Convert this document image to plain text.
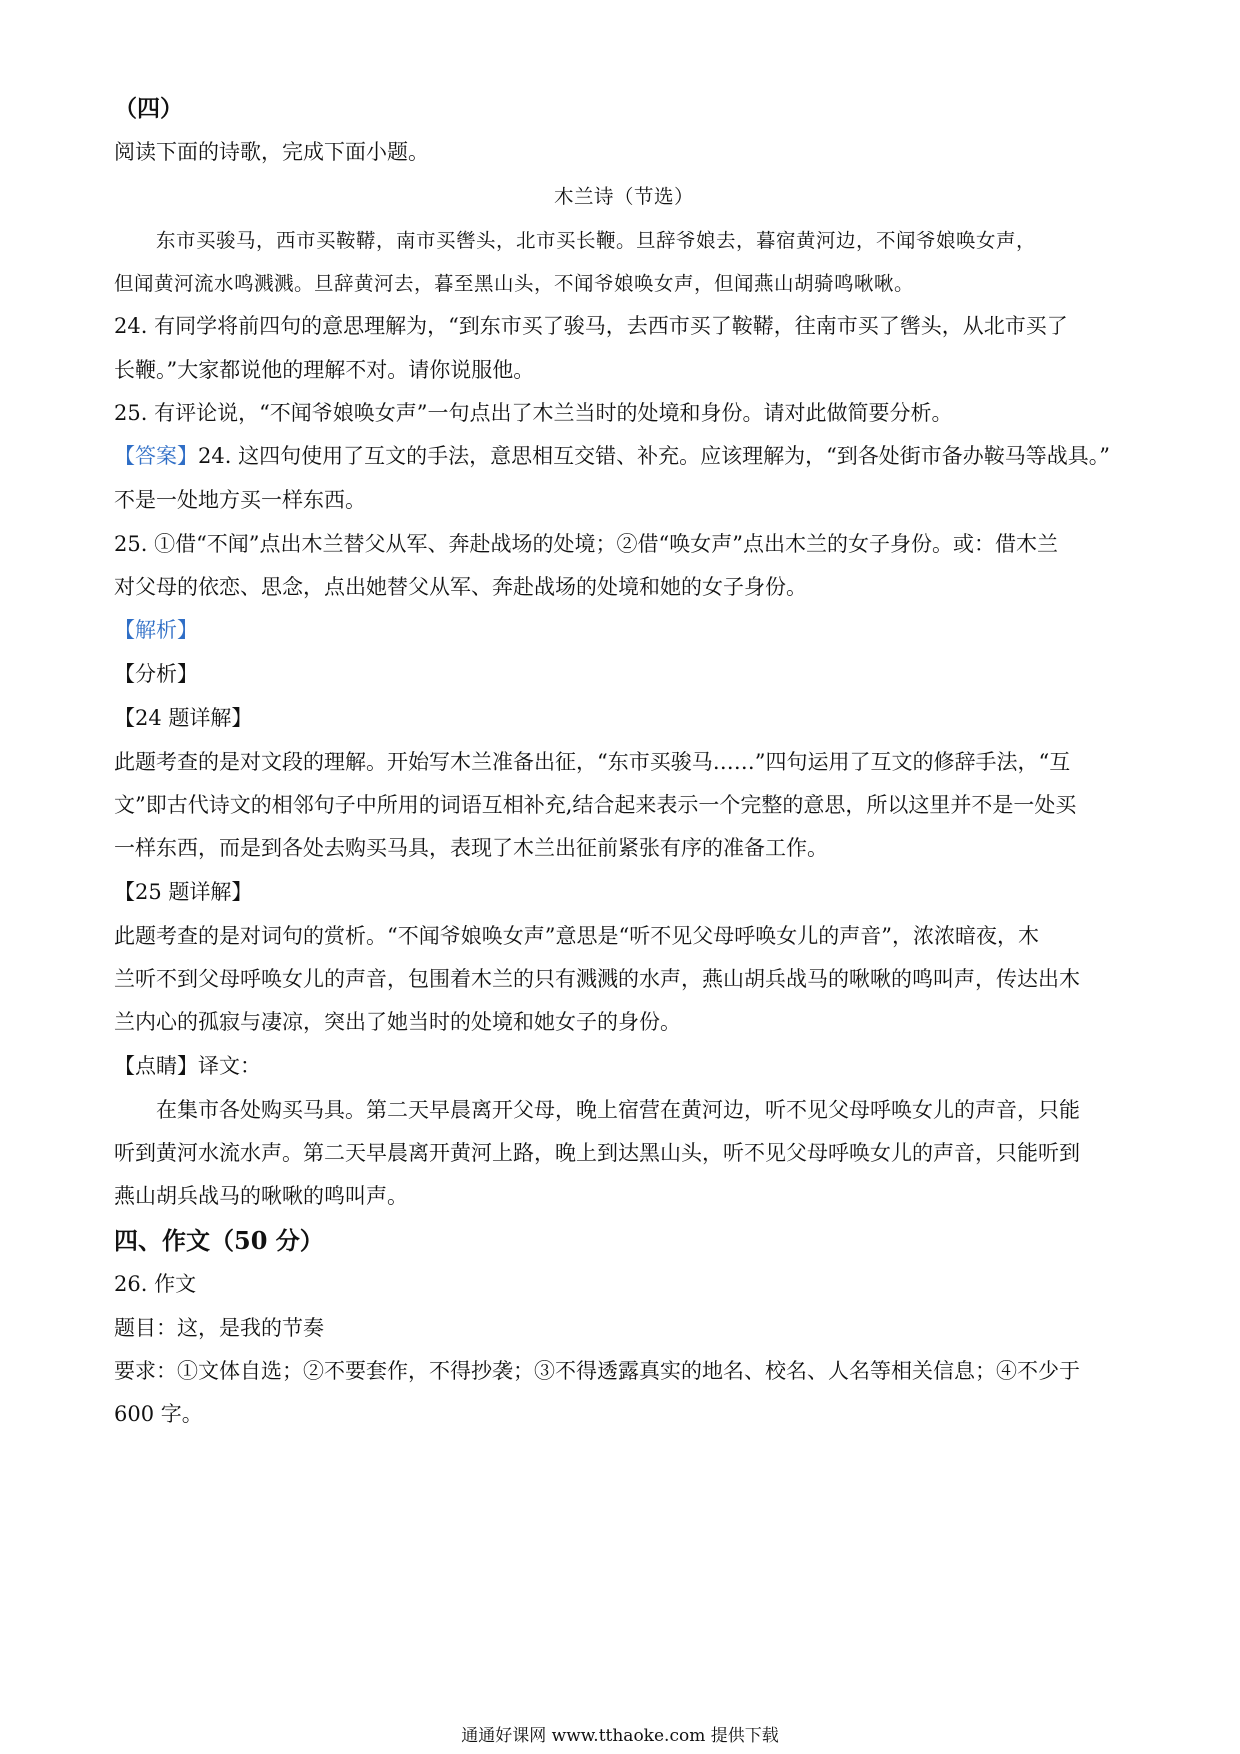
（四）

阅读下面的诗歌，完成下面小题。

木兰诗（节选）

东市买骏马，西市买鞍鞯，南市买辔头，北市买长鞭。旦辞爷娘去，暮宿黄河边，不闻爷娘唤女声，

但闻黄河流水鸣溅溅。旦辞黄河去，暮至黑山头，不闻爷娘唤女声，但闻燕山胡骑鸣啾啾。

24. 有同学将前四句的意思理解为，“到东市买了骏马，去西市买了鞍鞯，往南市买了辔头，从北市买了

长鞭。”大家都说他的理解不对。请你说服他。

25. 有评论说，“不闻爷娘唤女声”一句点出了木兰当时的处境和身份。请对此做简要分析。

【答案】24. 这四句使用了互文的手法，意思相互交错、补充。应该理解为，“到各处街市备办鞍马等战具。”

不是一处地方买一样东西。

25. ①借“不闻”点出木兰替父从军、奔赴战场的处境；②借“唤女声”点出木兰的女子身份。或：借木兰

对父母的依恋、思念，点出她替父从军、奔赴战场的处境和她的女子身份。

【解析】

【分析】

【24 题详解】

此题考查的是对文段的理解。开始写木兰准备出征，“东市买骏马……”四句运用了互文的修辞手法，“互

文”即古代诗文的相邻句子中所用的词语互相补充,结合起来表示一个完整的意思，所以这里并不是一处买

一样东西，而是到各处去购买马具，表现了木兰出征前紧张有序的准备工作。

【25 题详解】

此题考查的是对词句的赏析。“不闻爷娘唤女声”意思是“听不见父母呼唤女儿的声音”，浓浓暗夜，木

兰听不到父母呼唤女儿的声音，包围着木兰的只有溅溅的水声，燕山胡兵战马的啾啾的鸣叫声，传达出木

兰内心的孤寂与凄凉，突出了她当时的处境和她女子的身份。

【点睛】译文：

在集市各处购买马具。第二天早晨离开父母，晚上宿营在黄河边，听不见父母呼唤女儿的声音，只能

听到黄河水流水声。第二天早晨离开黄河上路，晚上到达黑山头，听不见父母呼唤女儿的声音，只能听到

燕山胡兵战马的啾啾的鸣叫声。

四、作文（50 分）

26. 作文

题目：这，是我的节奏

要求：①文体自选；②不要套作，不得抄袭；③不得透露真实的地名、校名、人名等相关信息；④不少于

600 字。

通通好课网 www.tthaoke.com 提供下载
